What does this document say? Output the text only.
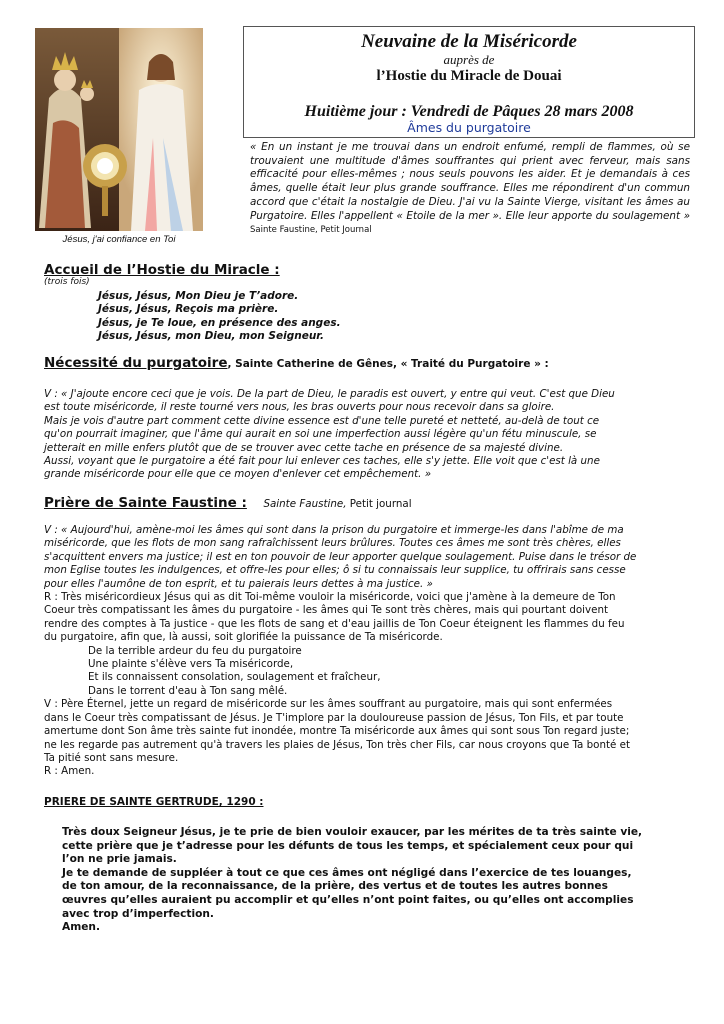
Jésus, j'ai confiance en Toi
Neuvaine de la Miséricorde
auprès de
l’Hostie du Miracle de Douai
Huitième jour : Vendredi de Pâques 28 mars 2008
Âmes du purgatoire
« En un instant je me trouvai dans un endroit enfumé, rempli de flammes, où se trouvaient une multitude d'âmes souffrantes qui prient avec ferveur, mais sans efficacité pour elles-mêmes ; nous seuls pouvons les aider. Et je demandais à ces âmes, quelle était leur plus grande souffrance. Elles me répondirent d'un commun accord que c'était la nostalgie de Dieu. J'ai vu la Sainte Vierge, visitant les âmes au Purgatoire. Elles l'appellent « Etoile de la mer ». Elle leur apporte du soulagement » Sainte Faustine, Petit Journal
Accueil de l’Hostie du Miracle :
(trois fois)
Jésus, Jésus, Mon Dieu je T’adore.
Jésus, Jésus, Reçois ma prière.
Jésus, je Te loue, en présence des anges.
Jésus, Jésus, mon Dieu, mon Seigneur.
Nécessité du purgatoire, Sainte Catherine de Gênes, « Traité du Purgatoire » :
V : « J'ajoute encore ceci que je vois. De la part de Dieu, le paradis est ouvert, y entre qui veut. C'est que Dieu
est toute miséricorde, il reste tourné vers nous, les bras ouverts pour nous recevoir dans sa gloire.
Mais je vois d'autre part comment cette divine essence est d'une telle pureté et netteté, au-delà de tout ce
qu'on pourrait imaginer, que l'âme qui aurait en soi une imperfection aussi légère qu'un fétu minuscule, se
jetterait en mille enfers plutôt que de se trouver avec cette tache en présence de sa majesté divine.
Aussi, voyant que le purgatoire a été fait pour lui enlever ces taches, elle s'y jette. Elle voit que c'est là une
grande miséricorde pour elle que ce moyen d'enlever cet empêchement. »
Prière de Sainte Faustine : Sainte Faustine, Petit journal
V : « Aujourd'hui, amène-moi les âmes qui sont dans la prison du purgatoire et immerge-les dans l'abîme de ma
miséricorde, que les flots de mon sang rafraîchissent leurs brûlures. Toutes ces âmes me sont très chères, elles
s'acquittent envers ma justice; il est en ton pouvoir de leur apporter quelque soulagement. Puise dans le trésor de
mon Eglise toutes les indulgences, et offre-les pour elles; ô si tu connaissais leur supplice, tu offrirais sans cesse
pour elles l'aumône de ton esprit, et tu paierais leurs dettes à ma justice. »
R : Très miséricordieux Jésus qui as dit Toi-même vouloir la miséricorde, voici que j'amène à la demeure de Ton
Coeur très compatissant les âmes du purgatoire - les âmes qui Te sont très chères, mais qui pourtant doivent
rendre des comptes à Ta justice - que les flots de sang et d'eau jaillis de Ton Coeur éteignent les flammes du feu
du purgatoire, afin que, là aussi, soit glorifiée la puissance de Ta miséricorde.
De la terrible ardeur du feu du purgatoire
Une plainte s'élève vers Ta miséricorde,
Et ils connaissent consolation, soulagement et fraîcheur,
Dans le torrent d'eau à Ton sang mêlé.
V : Père Éternel, jette un regard de miséricorde sur les âmes souffrant au purgatoire, mais qui sont enfermées
dans le Coeur très compatissant de Jésus. Je T'implore par la douloureuse passion de Jésus, Ton Fils, et par toute
amertume dont Son âme très sainte fut inondée, montre Ta miséricorde aux âmes qui sont sous Ton regard juste;
ne les regarde pas autrement qu'à travers les plaies de Jésus, Ton très cher Fils, car nous croyons que Ta bonté et
Ta pitié sont sans mesure.
R : Amen.
PRIERE DE SAINTE GERTRUDE, 1290 :
Très doux Seigneur Jésus, je te prie de bien vouloir exaucer, par les mérites de ta très sainte vie,
cette prière que je t’adresse pour les défunts de tous les temps, et spécialement ceux pour qui
l’on ne prie jamais.
Je te demande de suppléer à tout ce que ces âmes ont négligé dans l’exercice de tes louanges,
de ton amour, de la reconnaissance, de la prière, des vertus et de toutes les autres bonnes
œuvres qu’elles auraient pu accomplir et qu’elles n’ont point faites, ou qu’elles ont accomplies
avec trop d’imperfection.
Amen.
